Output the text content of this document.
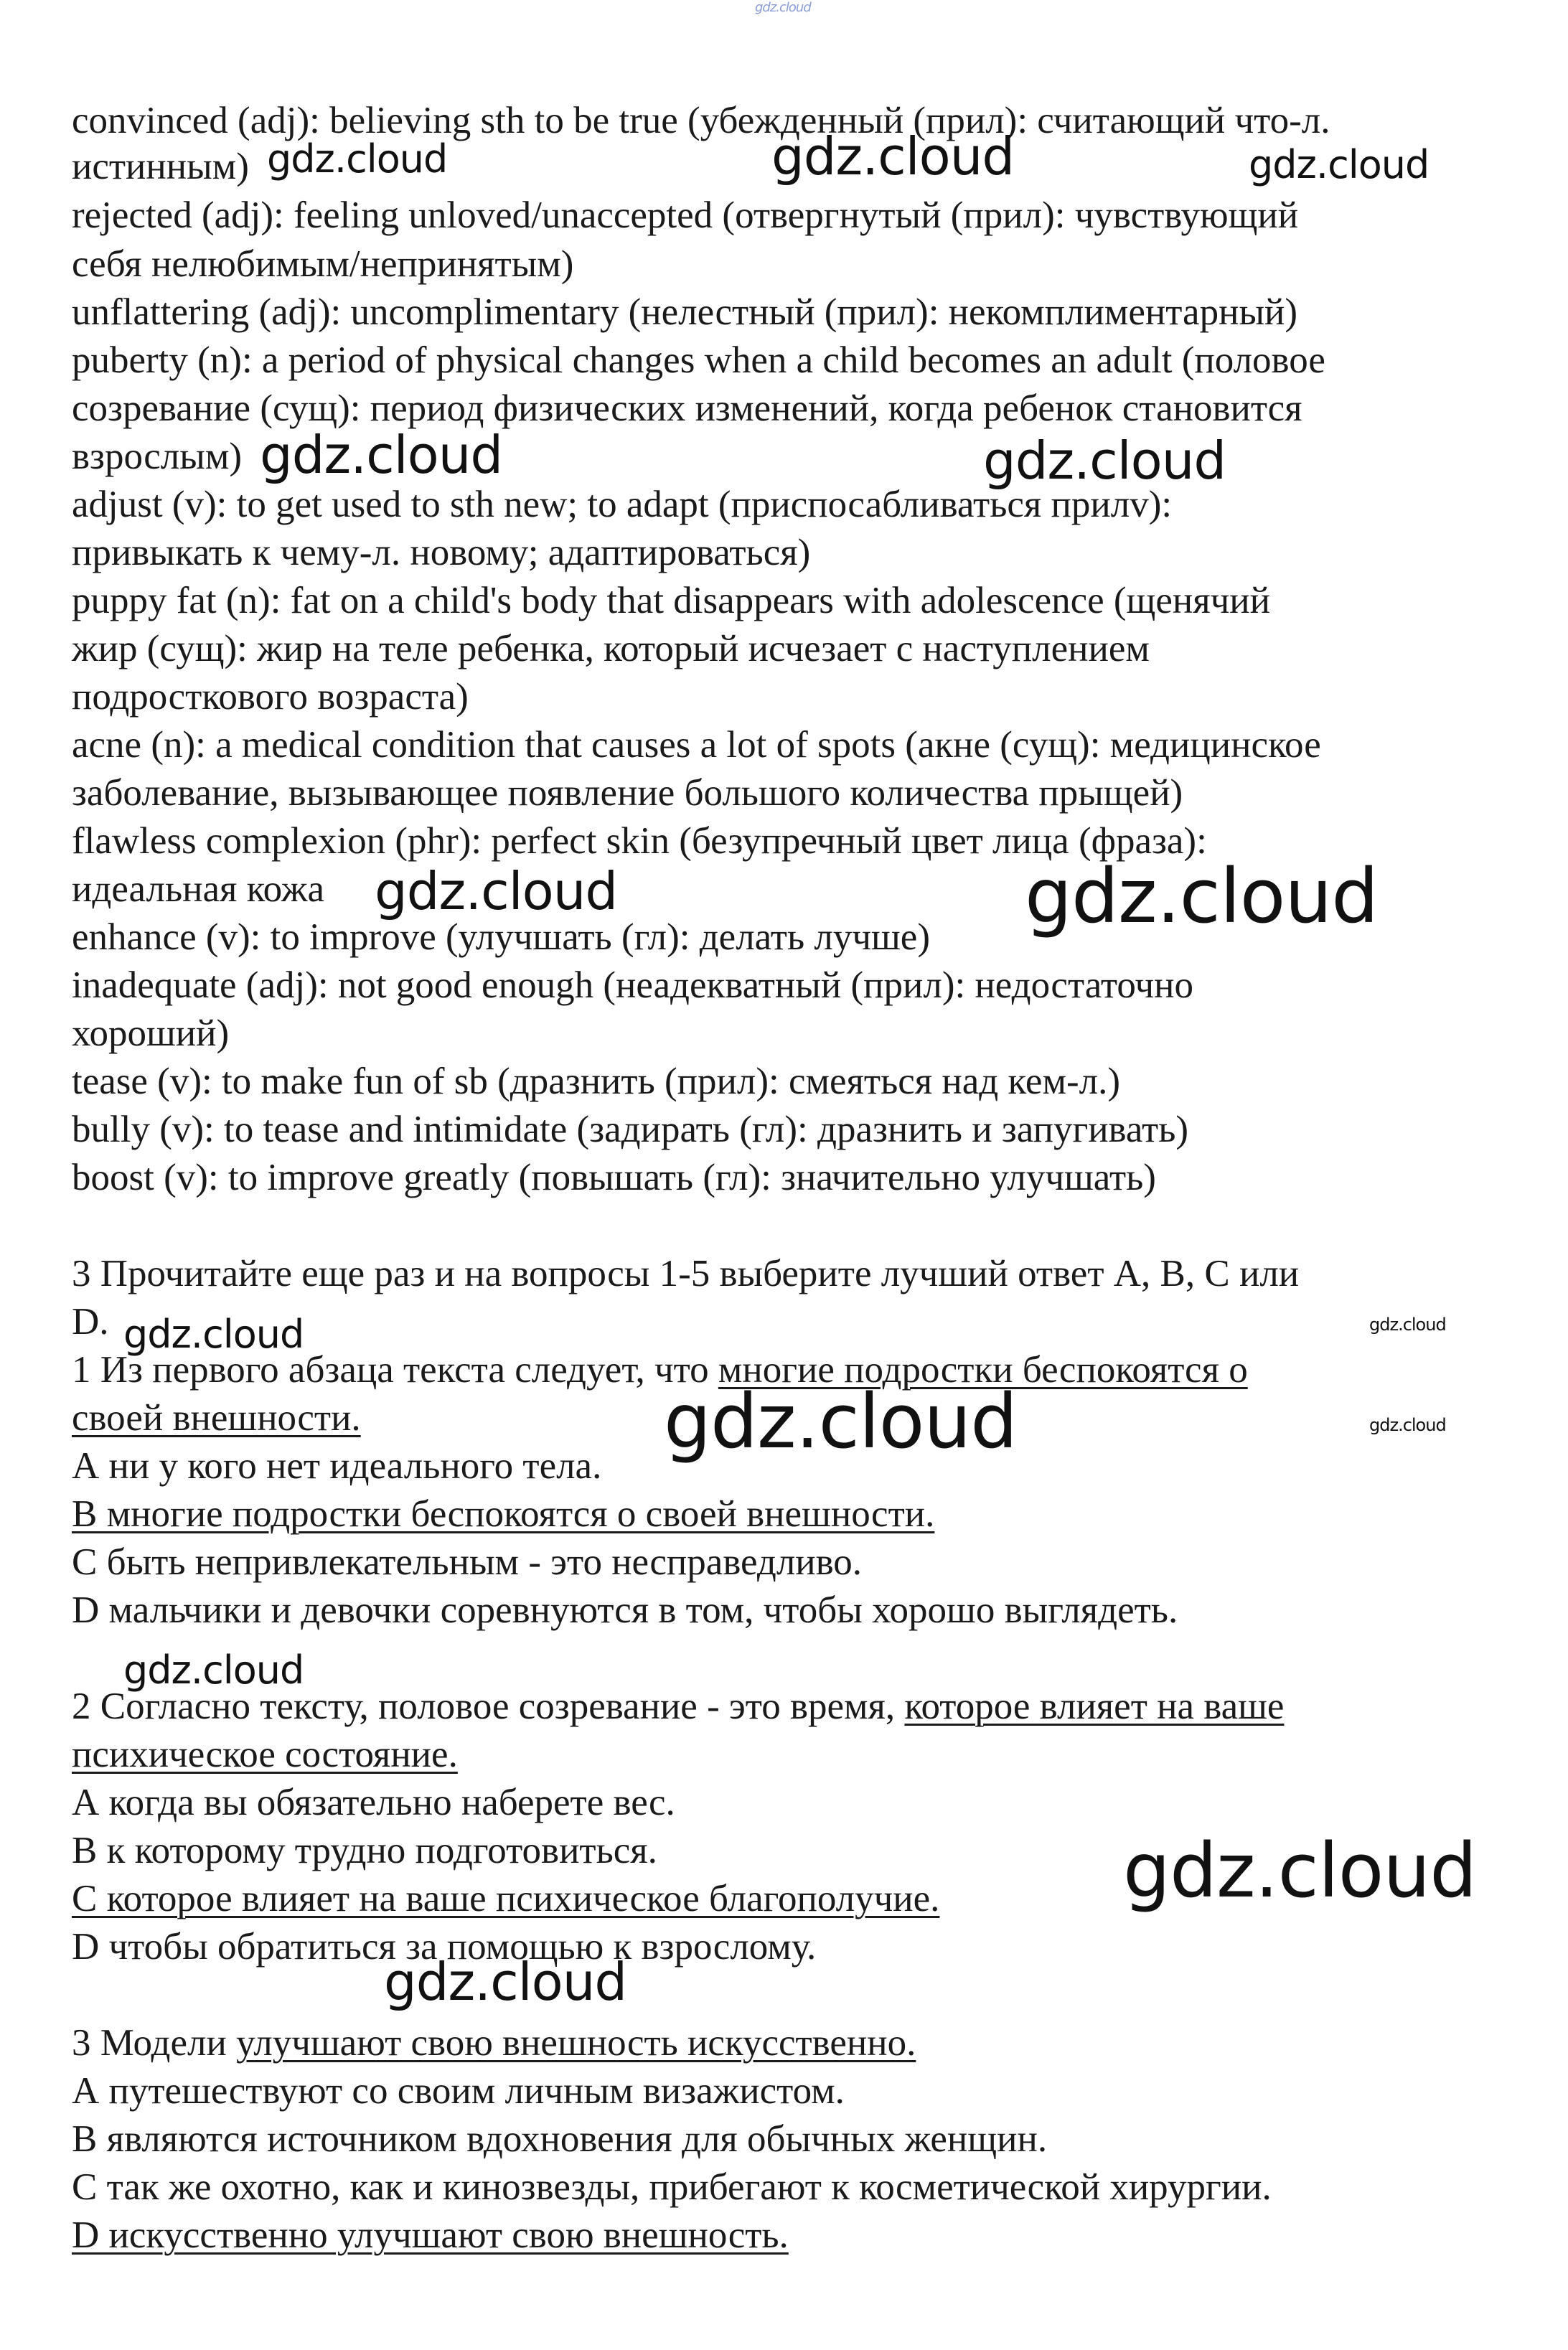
gdz.cloud
convinced (adj): believing sth to be true (убежденный (прил): считающий что-л.
истинным)
rejected (adj): feeling unloved/unaccepted (отвергнутый (прил): чувствующий
себя нелюбимым/непринятым)
unflattering (adj): uncomplimentary (нелестный (прил): некомплиментарный)
puberty (n): a period of physical changes when a child becomes an adult (половое
созревание (сущ): период физических изменений, когда ребенок становится
взрослым)
adjust (v): to get used to sth new; to adapt (приспосабливаться прилv):
привыкать к чему-л. новому; адаптироваться)
puppy fat (n): fat on a child's body that disappears with adolescence (щенячий
жир (сущ): жир на теле ребенка, который исчезает с наступлением
подросткового возраста)
acne (n): a medical condition that causes a lot of spots (акне (сущ): медицинское
заболевание, вызывающее появление большого количества прыщей)
flawless complexion (phr): perfect skin (безупречный цвет лица (фраза):
идеальная кожа
enhance (v): to improve (улучшать (гл): делать лучше)
inadequate (adj): not good enough (неадекватный (прил): недостаточно
хороший)
tease (v): to make fun of sb (дразнить (прил): смеяться над кем-л.)
bully (v): to tease and intimidate (задирать (гл): дразнить и запугивать)
boost (v): to improve greatly (повышать (гл): значительно улучшать)
3 Прочитайте еще раз и на вопросы 1-5 выберите лучший ответ A, B, C или
D.
1 Из первого абзаца текста следует, что многие подростки беспокоятся о
своей внешности.
А ни у кого нет идеального тела.
В многие подростки беспокоятся о своей внешности.
С быть непривлекательным - это несправедливо.
D мальчики и девочки соревнуются в том, чтобы хорошо выглядеть.
2 Согласно тексту, половое созревание - это время, которое влияет на ваше
психическое состояние.
А когда вы обязательно наберете вес.
В к которому трудно подготовиться.
С которое влияет на ваше психическое благополучие.
D чтобы обратиться за помощью к взрослому.
3 Модели улучшают свою внешность искусственно.
А путешествуют со своим личным визажистом.
В являются источником вдохновения для обычных женщин.
С так же охотно, как и кинозвезды, прибегают к косметической хирургии.
D искусственно улучшают свою внешность.
gdz.cloud	gdz.cloud	gdz.cloud
gdz.cloud	gdz.cloud
gdz.cloud	gdz.cloud
gdz.cloud	gdz.cloud
gdz.cloud	gdz.cloud
gdz.cloud
gdz.cloud
gdz.cloud
